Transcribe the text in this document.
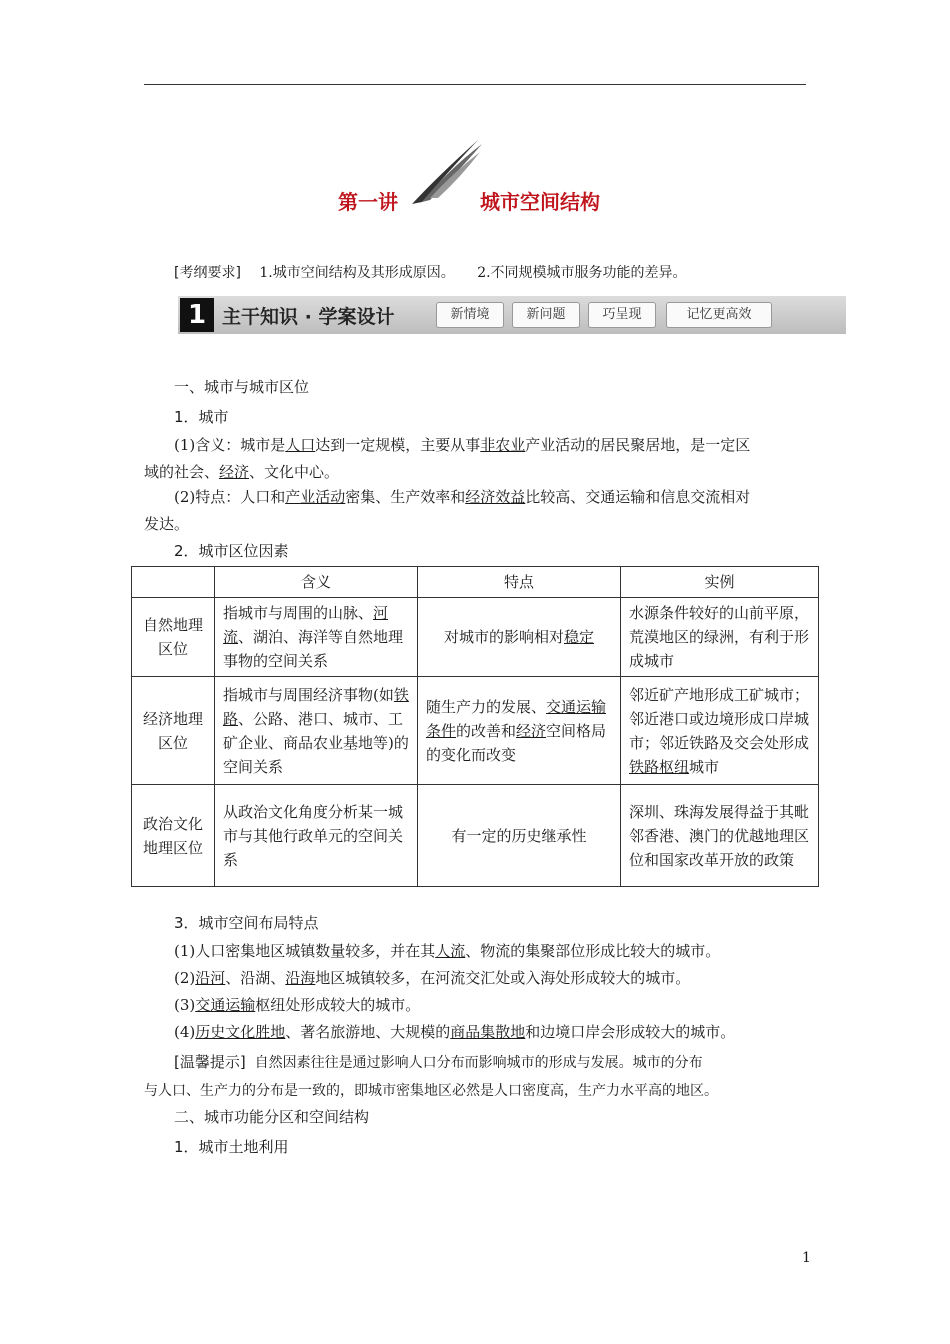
第一讲	城市空间结构
[考纲要求] 1.城市空间结构及其形成原因。 2.不同规模城市服务功能的差异。
1 主干知识 · 学案设计	新情境	新问题	巧呈现	记忆更高效
一、城市与城市区位
1．城市
(1)含义：城市是人口达到一定规模，主要从事非农业产业活动的居民聚居地，是一定区
域的社会、经济、文化中心。
(2)特点：人口和产业活动密集、生产效率和经济效益比较高、交通运输和信息交流相对
发达。
2．城市区位因素
	含义	特点	实例
自然地理区位	指城市与周围的山脉、河流、湖泊、海洋等自然地理事物的空间关系	对城市的影响相对稳定	水源条件较好的山前平原，荒漠地区的绿洲，有利于形成城市
经济地理区位	指城市与周围经济事物(如铁路、公路、港口、城市、工矿企业、商品农业基地等)的空间关系	随生产力的发展、交通运输条件的改善和经济空间格局的变化而改变	邻近矿产地形成工矿城市；邻近港口或边境形成口岸城市；邻近铁路及交会处形成铁路枢纽城市
政治文化地理区位	从政治文化角度分析某一城市与其他行政单元的空间关系	有一定的历史继承性	深圳、珠海发展得益于其毗邻香港、澳门的优越地理区位和国家改革开放的政策
3．城市空间布局特点
(1)人口密集地区城镇数量较多，并在其人流、物流的集聚部位形成比较大的城市。
(2)沿河、沿湖、沿海地区城镇较多，在河流交汇处或入海处形成较大的城市。
(3)交通运输枢纽处形成较大的城市。
(4)历史文化胜地、著名旅游地、大规模的商品集散地和边境口岸会形成较大的城市。
[温馨提示] 自然因素往往是通过影响人口分布而影响城市的形成与发展。城市的分布
与人口、生产力的分布是一致的，即城市密集地区必然是人口密度高，生产力水平高的地区。
二、城市功能分区和空间结构
1．城市土地利用
1
